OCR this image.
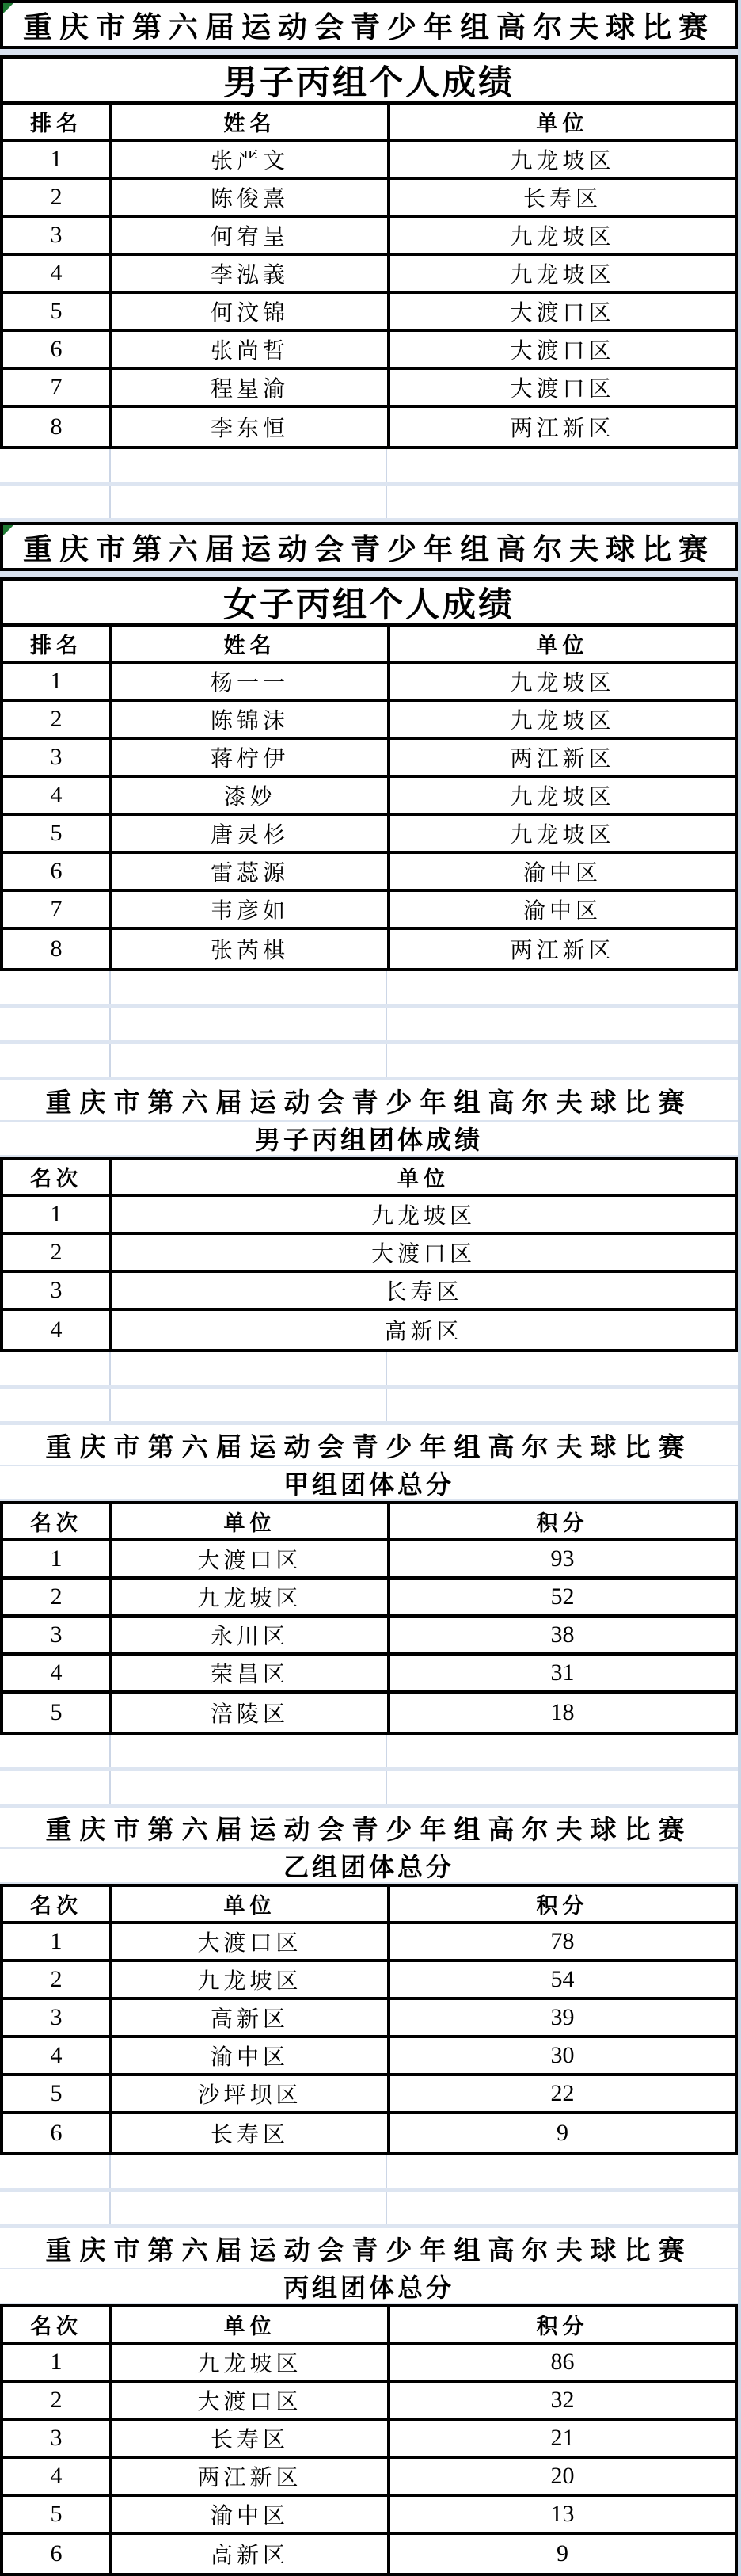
重庆市第六届运动会青少年组高尔夫球比赛
男子丙组个人成绩
排名	姓名	单位
1	张严文	九龙坡区
2	陈俊熹	长寿区
3	何宥呈	九龙坡区
4	李泓義	九龙坡区
5	何汶锦	大渡口区
6	张尚哲	大渡口区
7	程星渝	大渡口区
8	李东恒	两江新区
重庆市第六届运动会青少年组高尔夫球比赛
女子丙组个人成绩
排名	姓名	单位
1	杨一一	九龙坡区
2	陈锦沫	九龙坡区
3	蒋柠伊	两江新区
4	漆妙	九龙坡区
5	唐灵杉	九龙坡区
6	雷蕊源	渝中区
7	韦彦如	渝中区
8	张芮棋	两江新区
重庆市第六届运动会青少年组高尔夫球比赛
男子丙组团体成绩
名次	单位
1	九龙坡区
2	大渡口区
3	长寿区
4	高新区
重庆市第六届运动会青少年组高尔夫球比赛
甲组团体总分
名次	单位	积分
1	大渡口区	93
2	九龙坡区	52
3	永川区	38
4	荣昌区	31
5	涪陵区	18
重庆市第六届运动会青少年组高尔夫球比赛
乙组团体总分
名次	单位	积分
1	大渡口区	78
2	九龙坡区	54
3	高新区	39
4	渝中区	30
5	沙坪坝区	22
6	长寿区	9
重庆市第六届运动会青少年组高尔夫球比赛
丙组团体总分
名次	单位	积分
1	九龙坡区	86
2	大渡口区	32
3	长寿区	21
4	两江新区	20
5	渝中区	13
6	高新区	9
